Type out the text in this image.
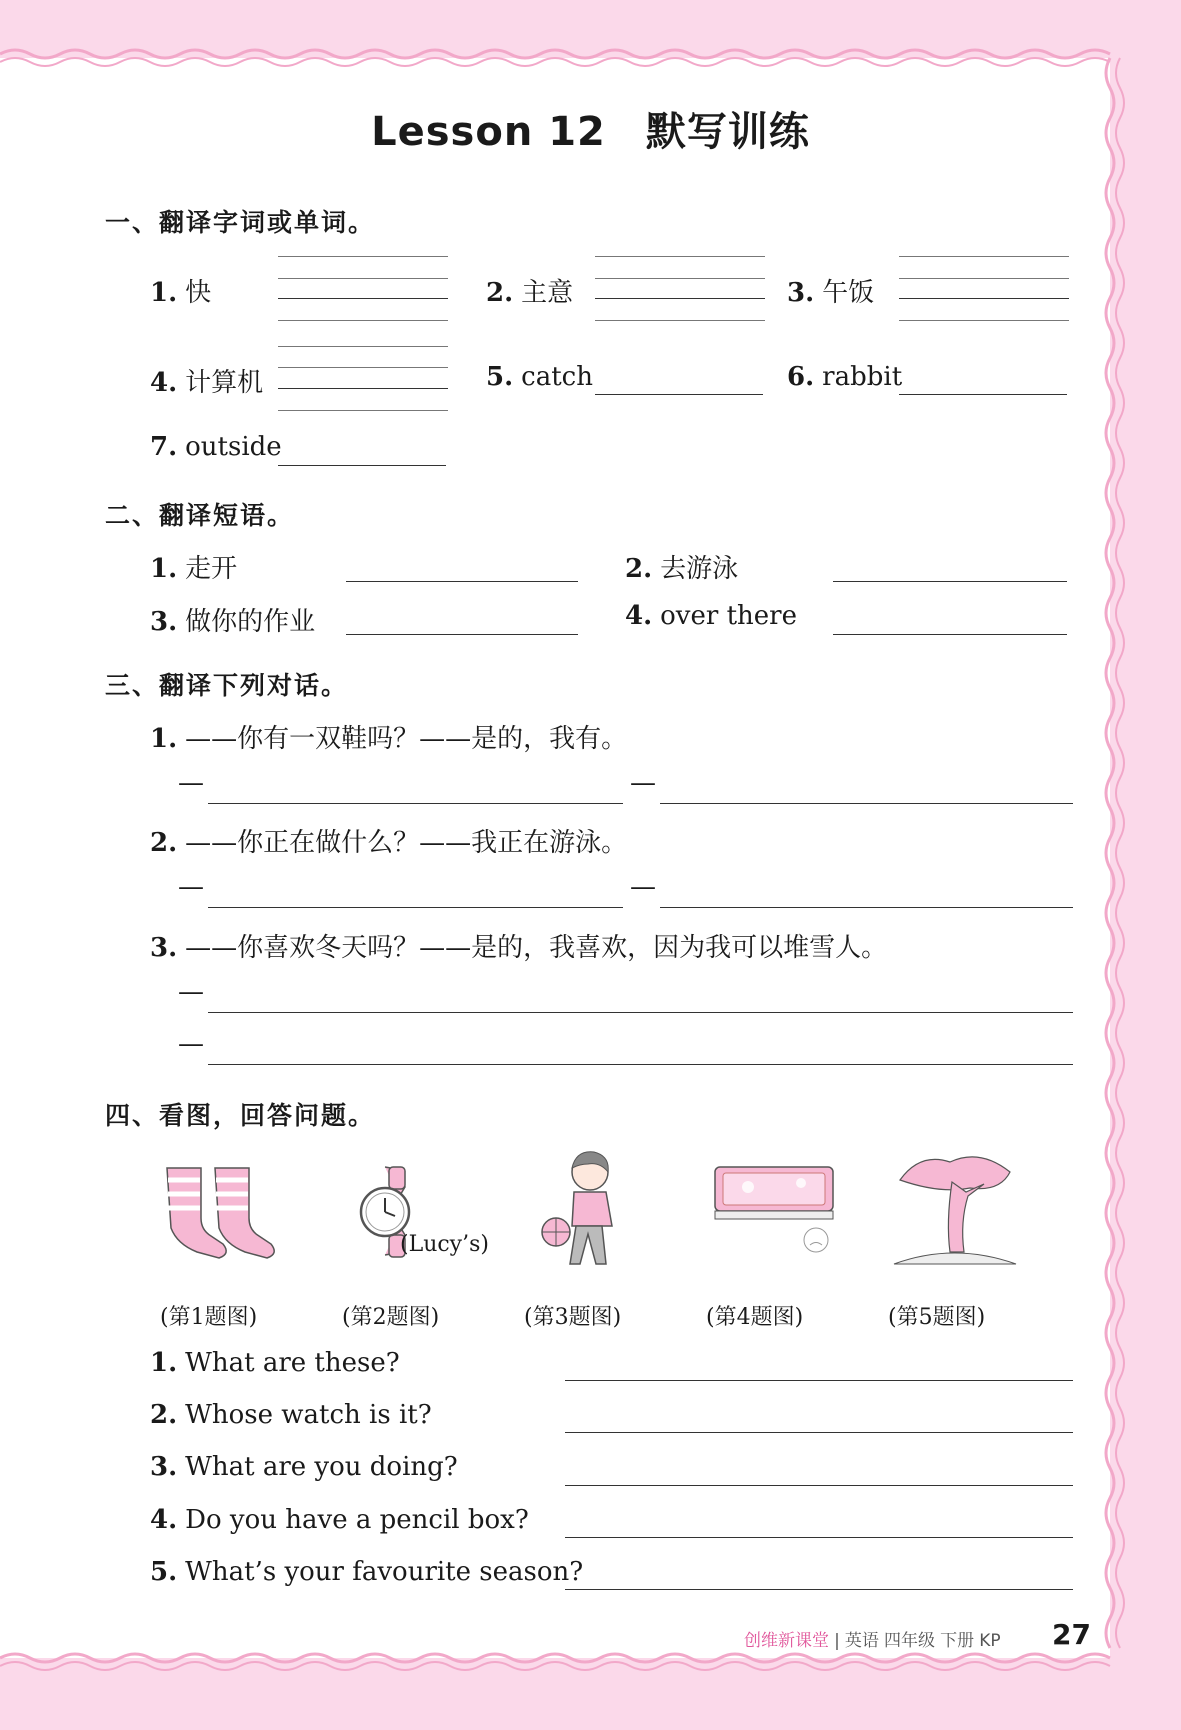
Lesson 12 默写训练
一、翻译字词或单词。
1. 快	2. 主意	3. 午饭
4. 计算机	5. catch	6. rabbit
7. outside
二、翻译短语。
1. 走开	2. 去游泳
3. 做你的作业	4. over there
三、翻译下列对话。
1. ——你有一双鞋吗？——是的，我有。
—	—
2. ——你正在做什么？——我正在游泳。
—	—
3. ——你喜欢冬天吗？——是的，我喜欢，因为我可以堆雪人。
—
—
四、看图，回答问题。
(Lucy’s)
(第1题图)	(第2题图)	(第3题图)	(第4题图)	(第5题图)
1. What are these?
2. Whose watch is it?
3. What are you doing?
4. Do you have a pencil box?
5. What’s your favourite season?
创维新课堂 | 英语 四年级 下册 KP 27
